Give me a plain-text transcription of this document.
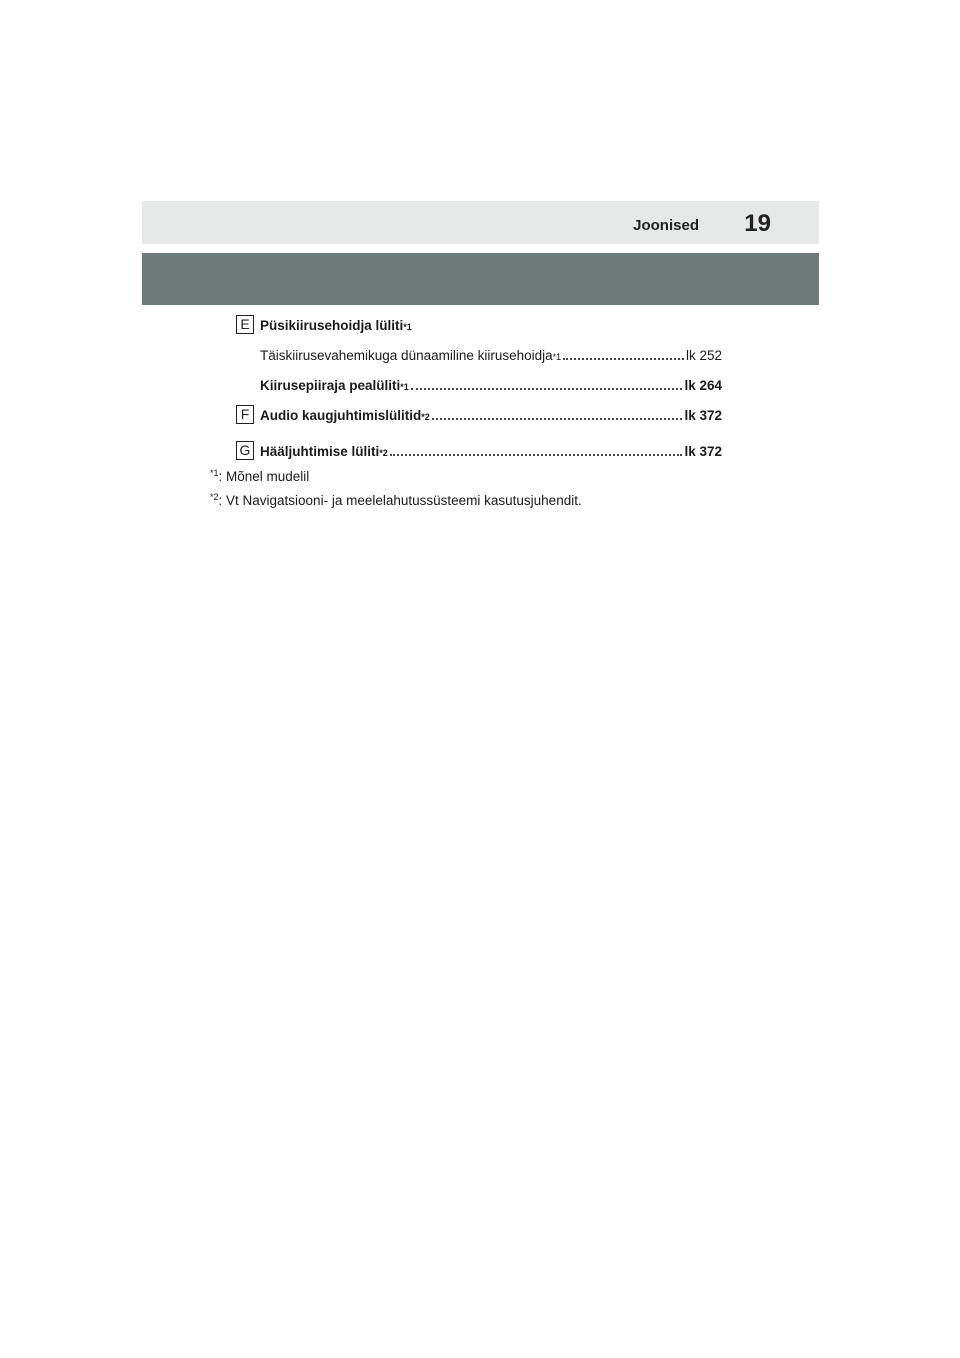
Joonised 19
E Püsikiirusehoidja lüliti *1
Täiskiirusevahemikuga dünaamiline kiirusehoidja *1	lk 252
Kiirusepiiraja pealüliti *1	lk 264
F Audio kaugjuhtimislülitid *2	lk 372
G Hääljuhtimise lüliti *2	lk 372
$^{*1}$: Mõnel mudelil
$^{*2}$: Vt Navigatsiooni- ja meelelahutussüsteemi kasutusjuhendit.
